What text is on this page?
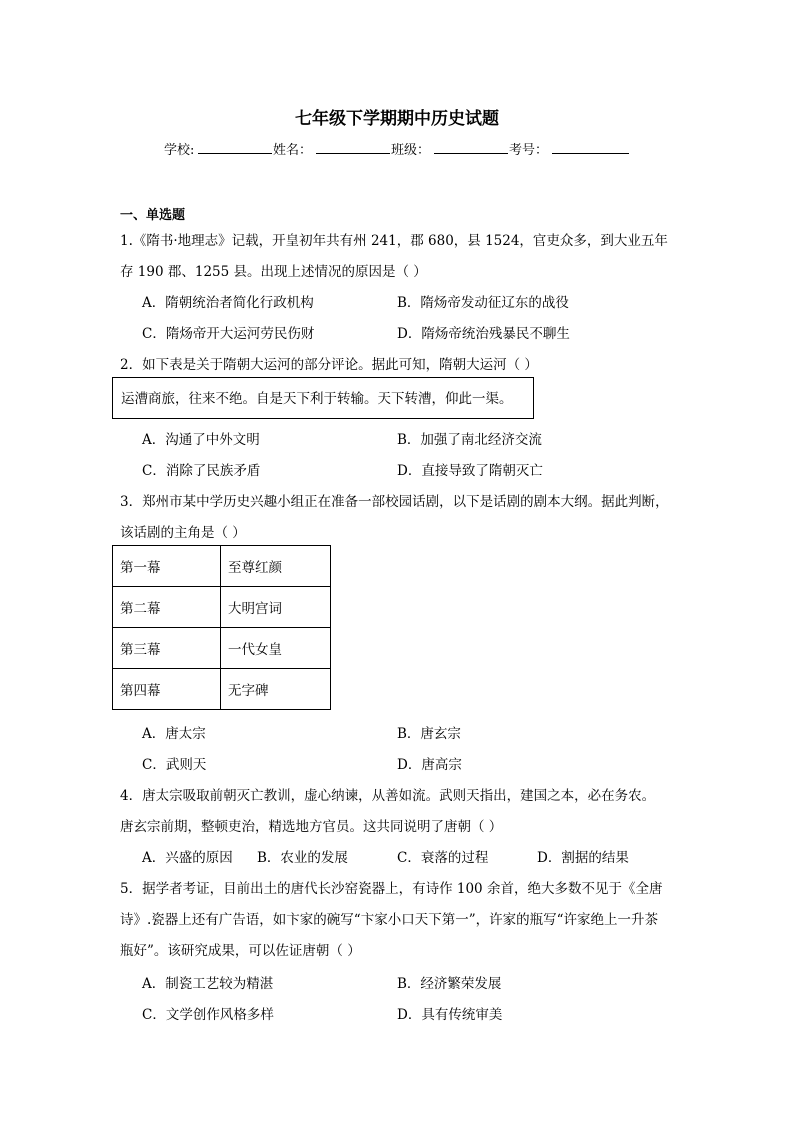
七年级下学期期中历史试题
学校:	姓名：	班级：	考号：
一、单选题
1.《隋书·地理志》记载，开皇初年共有州 241，郡 680，县 1524，官吏众多，到大业五年
存 190 郡、1255 县。出现上述情况的原因是（ ）
A．隋朝统治者简化行政机构	B．隋炀帝发动征辽东的战役
C．隋炀帝开大运河劳民伤财	D．隋炀帝统治残暴民不聊生
2．如下表是关于隋朝大运河的部分评论。据此可知，隋朝大运河（ ）
运漕商旅，往来不绝。自是天下利于转输。天下转漕，仰此一渠。
A．沟通了中外文明	B．加强了南北经济交流
C．消除了民族矛盾	D．直接导致了隋朝灭亡
3．郑州市某中学历史兴趣小组正在准备一部校园话剧，以下是话剧的剧本大纲。据此判断，
该话剧的主角是（ ）
第一幕	至尊红颜
第二幕	大明宫词
第三幕	一代女皇
第四幕	无字碑
A．唐太宗	B．唐玄宗
C．武则天	D．唐高宗
4．唐太宗吸取前朝灭亡教训，虚心纳谏，从善如流。武则天指出，建国之本，必在务农。
唐玄宗前期，整顿吏治，精选地方官员。这共同说明了唐朝（ ）
A．兴盛的原因 B．农业的发展	C．衰落的过程	D．割据的结果
5．据学者考证，目前出土的唐代长沙窑瓷器上，有诗作 100 余首，绝大多数不见于《全唐
诗》.瓷器上还有广告语，如卞家的碗写“卞家小口天下第一”，许家的瓶写“许家绝上一升茶
瓶好”。该研究成果，可以佐证唐朝（ ）
A．制瓷工艺较为精湛	B．经济繁荣发展
C．文学创作风格多样	D．具有传统审美
